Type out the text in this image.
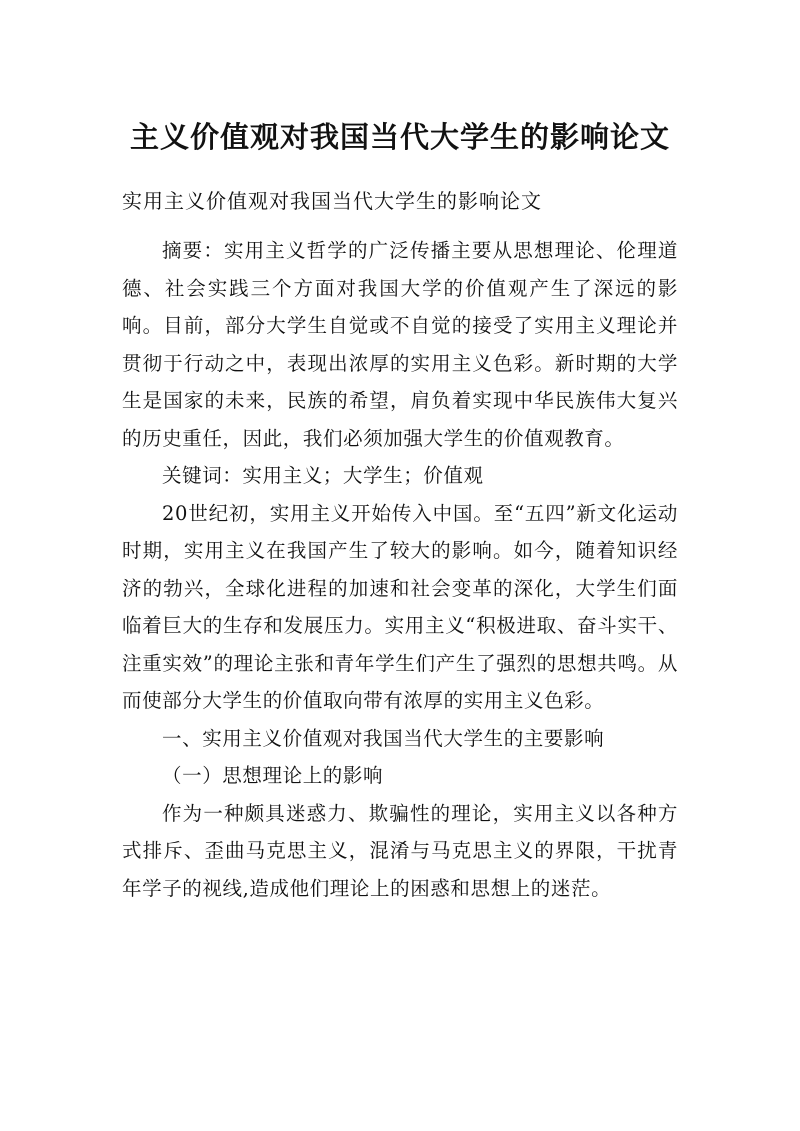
主义价值观对我国当代大学生的影响论文
实用主义价值观对我国当代大学生的影响论文

摘要：实用主义哲学的广泛传播主要从思想理论、伦理道德、社会实践三个方面对我国大学的价值观产生了深远的影响。目前，部分大学生自觉或不自觉的接受了实用主义理论并贯彻于行动之中，表现出浓厚的实用主义色彩。新时期的大学生是国家的未来，民族的希望，肩负着实现中华民族伟大复兴的历史重任，因此，我们必须加强大学生的价值观教育。

关键词：实用主义；大学生；价值观

20世纪初，实用主义开始传入中国。至“五四”新文化运动时期，实用主义在我国产生了较大的影响。如今，随着知识经济的勃兴，全球化进程的加速和社会变革的深化，大学生们面临着巨大的生存和发展压力。实用主义“积极进取、奋斗实干、注重实效”的理论主张和青年学生们产生了强烈的思想共鸣。从而使部分大学生的价值取向带有浓厚的实用主义色彩。

一、实用主义价值观对我国当代大学生的主要影响

（一）思想理论上的影响

作为一种颇具迷惑力、欺骗性的理论，实用主义以各种方式排斥、歪曲马克思主义，混淆与马克思主义的界限，干扰青年学子的视线,造成他们理论上的困惑和思想上的迷茫。
